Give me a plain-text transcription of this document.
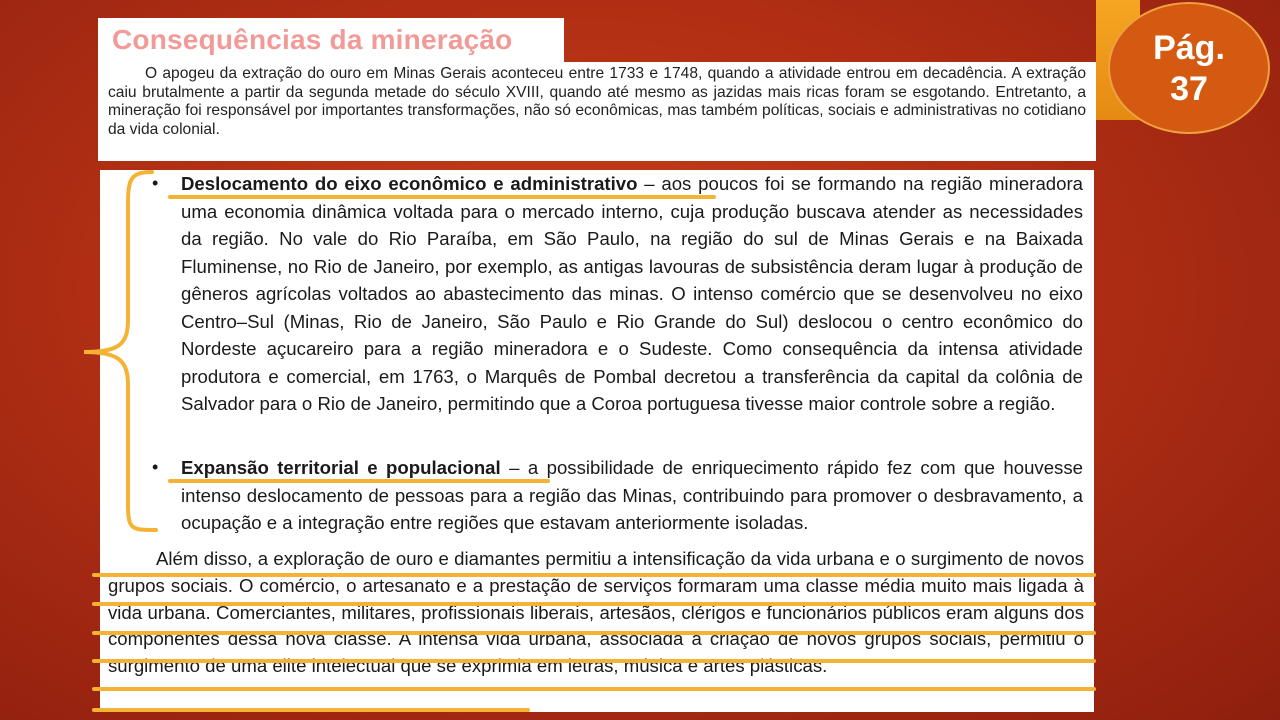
Pág.
37
Consequências da mineração

O apogeu da extração do ouro em Minas Gerais aconteceu entre 1733 e 1748, quando a atividade entrou em decadência. A extração caiu brutalmente a partir da segunda metade do século XVIII, quando até mesmo as jazidas mais ricas foram se esgotando. Entretanto, a mineração foi responsável por importantes transformações, não só econômicas, mas também políticas, sociais e administrativas no cotidiano da vida colonial.

• Deslocamento do eixo econômico e administrativo – aos poucos foi se formando na região mineradora uma economia dinâmica voltada para o mercado interno, cuja produção buscava atender as necessidades da região. No vale do Rio Paraíba, em São Paulo, na região do sul de Minas Gerais e na Baixada Fluminense, no Rio de Janeiro, por exemplo, as antigas lavouras de subsistência deram lugar à produção de gêneros agrícolas voltados ao abastecimento das minas. O intenso comércio que se desenvolveu no eixo Centro–Sul (Minas, Rio de Janeiro, São Paulo e Rio Grande do Sul) deslocou o centro econômico do Nordeste açucareiro para a região mineradora e o Sudeste. Como consequência da intensa atividade produtora e comercial, em 1763, o Marquês de Pombal decretou a transferência da capital da colônia de Salvador para o Rio de Janeiro, permitindo que a Coroa portuguesa tivesse maior controle sobre a região.

• Expansão territorial e populacional – a possibilidade de enriquecimento rápido fez com que houvesse intenso deslocamento de pessoas para a região das Minas, contribuindo para promover o desbravamento, a ocupação e a integração entre regiões que estavam anteriormente isoladas.

Além disso, a exploração de ouro e diamantes permitiu a intensificação da vida urbana e o surgimento de novos grupos sociais. O comércio, o artesanato e a prestação de serviços formaram uma classe média muito mais ligada à vida urbana. Comerciantes, militares, profissionais liberais, artesãos, clérigos e funcionários públicos eram alguns dos componentes dessa nova classe. A intensa vida urbana, associada à criação de novos grupos sociais, permitiu o surgimento de uma elite intelectual que se exprimia em letras, música e artes plásticas.
